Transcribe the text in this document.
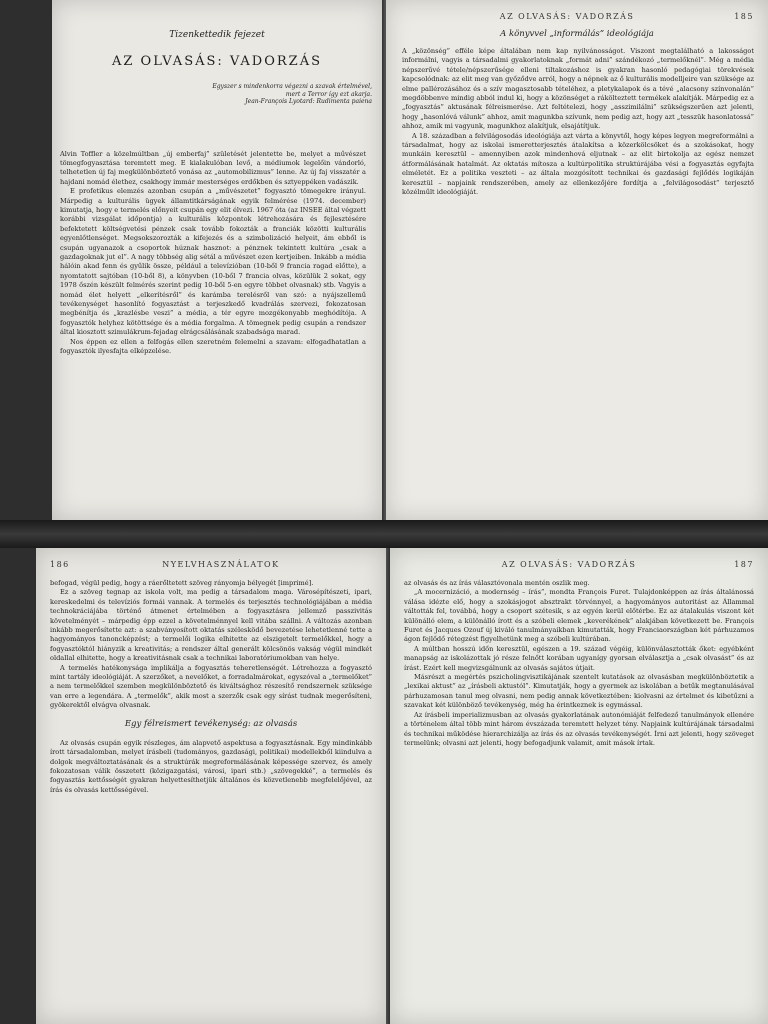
Tizenkettedik fejezet
AZ OLVASÁS: VADORZÁS
Egyszer s mindenkorra végezni a szavak értelmével,
mert a Terror így ezt akarja.
Jean-François Lyotard: Rudimenta paiena

Alvin Toffler a közelmúltban „új emberfaj” születését jelentette be, melyet a művészet tömegfogyasztása teremtett meg. E kialakulóban levő, a médiumok legelőin vándorló, telhetetlen új faj megkülönböztető vonása az „automobilizmus” lenne. Az új faj visszatér a hajdani nomád élethez, csakhogy immár mesterséges erdőkben és sztyeppéken vadászik.

E profetikus elemzés azonban csupán a „művészetet” fogyasztó tömegekre irányul. Márpedig a kulturális ügyek államtitkárságának egyik felmérése (1974. december) kimutatja, hogy e termelés előnyeit csupán egy elit élvezi. 1967 óta (az INSEE által végzett korábbi vizsgálat időpontja) a kulturális központok létrehozására és fejlesztésére befektetett költségvetési pénzek csak tovább fokozták a franciák közötti kulturális egyenlőtlenséget. Megsokszorozták a kifejezés és a szimbolizáció helyeit, ám ebből is csupán ugyanazok a csoportok húznak hasznot: a pénznek tekintett kultúra „csak a gazdagoknak jut el”. A nagy többség alig sétál a művészet ezen kertjeiben. Inkább a média hálóin akad fenn és gyűlik össze, például a televízióban (10-ből 9 francia ragad előtte), a nyomtatott sajtóban (10-ből 8), a könyvben (10-ből 7 francia olvas, közülük 2 sokat, egy 1978 őszén készült felmérés szerint pedig 10-ből 5-en egyre többet olvasnak) stb. Vagyis a nomád élet helyett „elkerítésről” és karámba terelésről van szó: a nyájszellemű tevékenységet hasonlító fogyasztást a terjeszkedő kvadrálás szervezi, fokozatosan megbénítja és „krazlésbe veszi” a média, a tér egyre mozgékonyabb meghódítója. A fogyasztók helyhez kötöttsége és a média forgalma. A tömegnek pedig csupán a rendszer által kiosztott szimulákrum-fejadag elrágcsálásának szabadsága marad.

Nos éppen ez ellen a felfogás ellen szeretném felemelni a szavam: elfogadhatatlan a fogyasztók ilyesfajta elképzelése.

AZ OLVASÁS: VADORZÁS	185
A könyvvel „informálás” ideológiája

A „közönség” efféle képe általában nem kap nyilvánosságot. Viszont megtalálható a lakosságot informálni, vagyis a társadalmi gyakorlatoknak „formát adni” szándékozó „termelőknél”. Még a média népszerűvé tétele/népszerűsége elleni tiltakozáshoz is gyakran hasonló pedagógiai törekvések kapcsolódnak: az elit meg van győződve arról, hogy a népnek az ő kulturális modelljeire van szüksége az elme pallérozásához és a szív magasztosabb tételéhez, a pletykalapok és a tévé „alacsony színvonalán” megdöbbenve mindig abból indul ki, hogy a közönséget a rákölteztett termékek alakítják. Márpedig ez a „fogyasztás” aktusának félreismerése. Azt feltételezi, hogy „asszimilálni” szükségszerűen azt jelenti, hogy „hasonlóvá válunk” ahhoz, amit magunkba szívunk, nem pedig azt, hogy azt „tesszük hasonlatossá” ahhoz, amik mi vagyunk, magunkhoz alakítjuk, elsajátítjuk.

A 18. században a felvilágosodás ideológiája azt várta a könyvtől, hogy képes legyen megreformálni a társadalmat, hogy az iskolai ismeretterjesztés átalakítsa a közerkölcsöket és a szokásokat, hogy munkáin keresztül – amennyiben azok mindenhová eljutnak – az elit birtokolja az egész nemzet átformálásának hatalmát. Az oktatás mítosza a kultúrpolitika struktúrájába vési a fogyasztás egyfajta elméletét. Ez a politika veszteti – az általa mozgósított technikai és gazdasági fejlődés logikáján keresztül – napjaink rendszerében, amely az ellenkezőjére fordítja a „felvilágosodást” terjesztő közélműlt ideológiáját.

186	NYELVHASZNÁLATOK

befogad, végül pedig, hogy a ráerőltetett szöveg rányomja bélyegét [imprimé].

Ez a szöveg tegnap az iskola volt, ma pedig a társadalom maga. Városépítészeti, ipari, kereskedelmi és televíziós formái vannak. A termelés és terjesztés technológiájában a média technokráciájába történő átmenet értelmében a fogyasztásra jellemző passzivitás követelményét – márpedig épp ezzel a követelménnyel kell vitába szállni. A változás azonban inkább megerősítette azt: a szabványosított oktatás szélesködő bevezetése lehetetlenné tette a hagyományos tanoncképzést; a termelői logika elhitette az elszigetelt termelőkkel, hogy a fogyasztóktól hiányzik a kreativitás; a rendszer által generált kölcsönös vakság végül mindkét oldallal elhitette, hogy a kreativitásnak csak a technikai laboratóriumokban van helye.

A termelés hatékonysága implikálja a fogyasztás teheretlenségét. Létrehozza a fogyasztó mint tartály ideológiáját. A szerzőket, a nevelőket, a forradalmárokat, egyszóval a „termelőket” a nem termelőkkel szemben megkülönböztető és kiváltsághoz részesítő rendszernek szüksége van erre a legendára. A „termelők”, akik most a szerzők csak egy sírást tudnak megerősíteni, gyökerektől elvágva olvasnak.

Egy félreismert tevékenység: az olvasás

Az olvasás csupán egyik részleges, ám alapvető aspektusa a fogyasztásnak. Egy mindinkább írott társadalomban, melyet írásbeli (tudományos, gazdasági, politikai) modellekből kiindulva a dolgok megváltoztatásának és a struktúrák megreformálásának képessége szervez, és amely fokozatosan válik összetett (közigazgatási, városi, ipari stb.) „szövegekké”, a termelés és fogyasztás kettősségét gyakran helyettesíthetjük általános és közvetlenebb megfelelőjével, az írás és olvasás kettősségével.

AZ OLVASÁS: VADORZÁS	187

az olvasás és az írás választóvonala mentén oszlik meg.

„A mocernizáció, a modernség – írás”, mondta François Furet. Tulajdonképpen az írás általánossá válása idézte elő, hogy a szokásjogot absztrakt törvénnyel, a hagyományos autoritást az Állammal váltották fel, továbbá, hogy a csoport szétesik, s az egyén kerül előtérbe. Ez az átalakulás viszont két különálló elem, a különálló írott és a szóbeli elemek „keverékének” alakjában következett be. François Furet és Jacques Ozouf új kiváló tanulmányaikban kimutatták, hogy Franciaországban két párhuzamos ágon fejlődő rétegzést figyelhetünk meg a szóbeli kultúrában.

A múltban hosszú időn keresztül, egészen a 19. század végéig, különválasztották őket: egyébként manapság az iskolázottak jó része felnőtt korában ugyanígy gyorsan elválasztja a „csak olvasást” és az írást. Ezért kell megvizsgálnunk az olvasás sajátos útjait.

Másrészt a megértés pszicholingvisztikájának szentelt kutatások az olvasásban megkülönböztetik a „lexikai aktust” az „írásbeli aktustól”. Kimutatják, hogy a gyermek az iskolában a betűk megtanulásával párhuzamosan tanul meg olvasni, nem pedig annak következtében: kiolvasni az értelmet és kibetűzni a szavakat két különböző tevékenység, még ha érintkeznek is egymással.

Az írásbeli imperializmusban az olvasás gyakorlatának autonómiáját felfedező tanulmányok ellenére a történelem által több mint három évszázada teremtett helyzet tény. Napjaink kultúrájának társadalmi és technikai működése hierarchizálja az írás és az olvasás tevékenységét. Írni azt jelenti, hogy szöveget termelünk; olvasni azt jelenti, hogy befogadjunk valamit, amit mások írtak.
